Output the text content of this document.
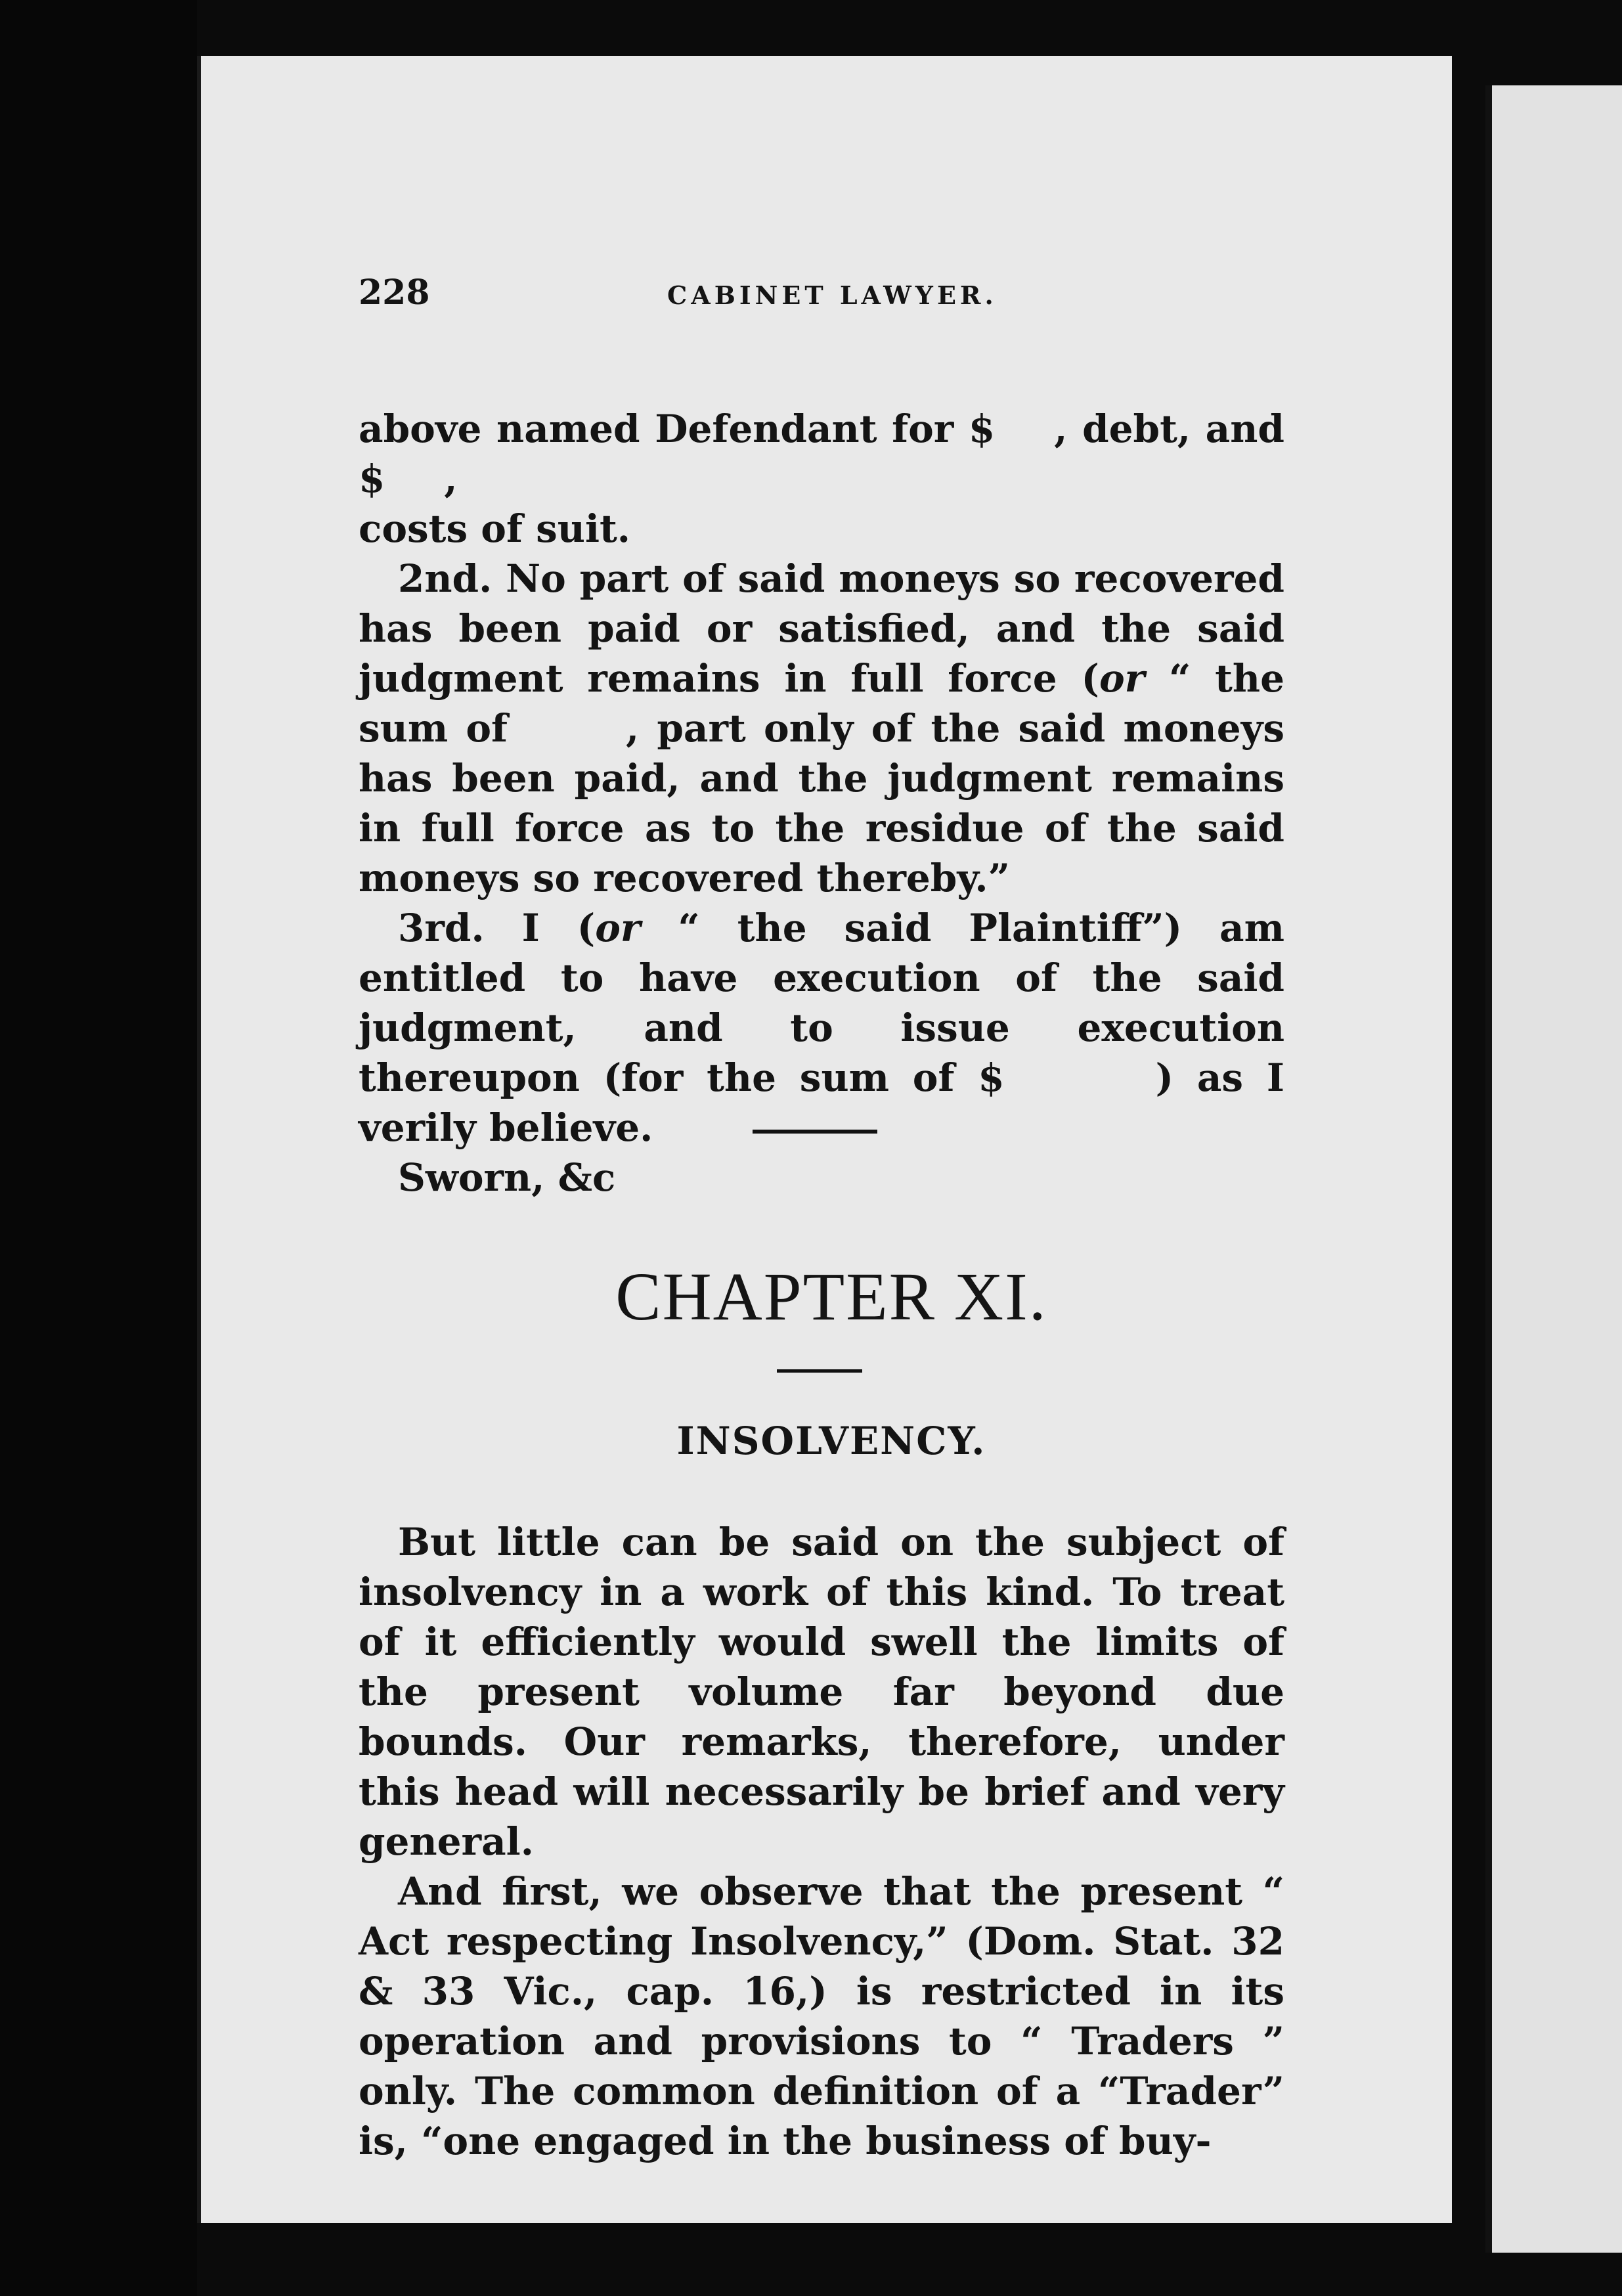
228	CABINET LAWYER.

above named Defendant for $ , debt, and $ ,

costs of suit.

2nd. No part of said moneys so recovered has been paid or satisfied, and the said judgment remains in full force (or “ the sum of	, part only of the said moneys has been paid, and the judgment remains in full force as to the residue of the said moneys so recovered thereby.”

3rd. I (or “ the said Plaintiff”) am entitled to have execution of the said judgment, and to issue execution thereupon (for the sum of $	) as I verily believe.

Sworn, &c

CHAPTER XI.
INSOLVENCY.

But little can be said on the subject of insolvency in a work of this kind. To treat of it efficiently would swell the limits of the present volume far beyond due bounds. Our remarks, therefore, under this head will necessarily be brief and very general.

And first, we observe that the present “ Act respecting Insolvency,” (Dom. Stat. 32 & 33 Vic., cap. 16,) is restricted in its operation and provisions to “ Traders ” only. The common definition of a “Trader” is, “one engaged in the business of buy-
